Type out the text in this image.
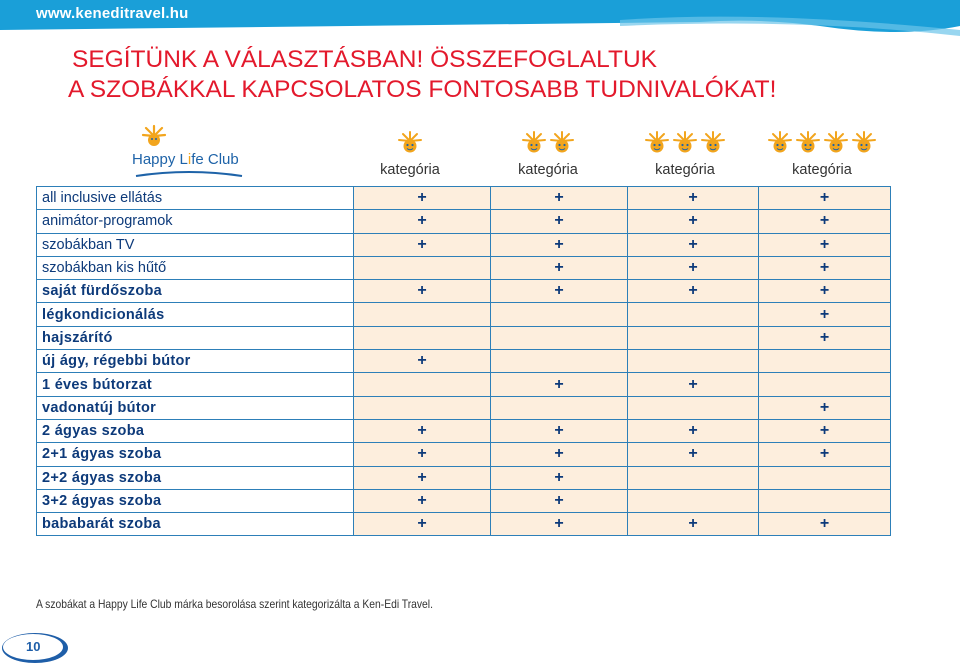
www.keneditravel.hu
SEGÍTÜNK A VÁLASZTÁSBAN! ÖSSZEFOGLALTUK
A SZOBÁKKAL KAPCSOLATOS FONTOSABB TUDNIVALÓKAT!
Happy Life Club
kategória	kategória	kategória	kategória
all inclusive ellátás	+	+	+	+
animátor-programok	+	+	+	+
szobákban TV	+	+	+	+
szobákban kis hűtő		+	+	+
saját fürdőszoba	+	+	+	+
légkondicionálás				+
hajszárító				+
új ágy, régebbi bútor	+			
1 éves bútorzat		+	+	
vadonatúj bútor				+
2 ágyas szoba	+	+	+	+
2+1 ágyas szoba	+	+	+	+
2+2 ágyas szoba	+	+		
3+2 ágyas szoba	+	+		
bababarát szoba	+	+	+	+
A szobákat a Happy Life Club márka besorolása szerint kategorizálta a Ken-Edi Travel.
10
